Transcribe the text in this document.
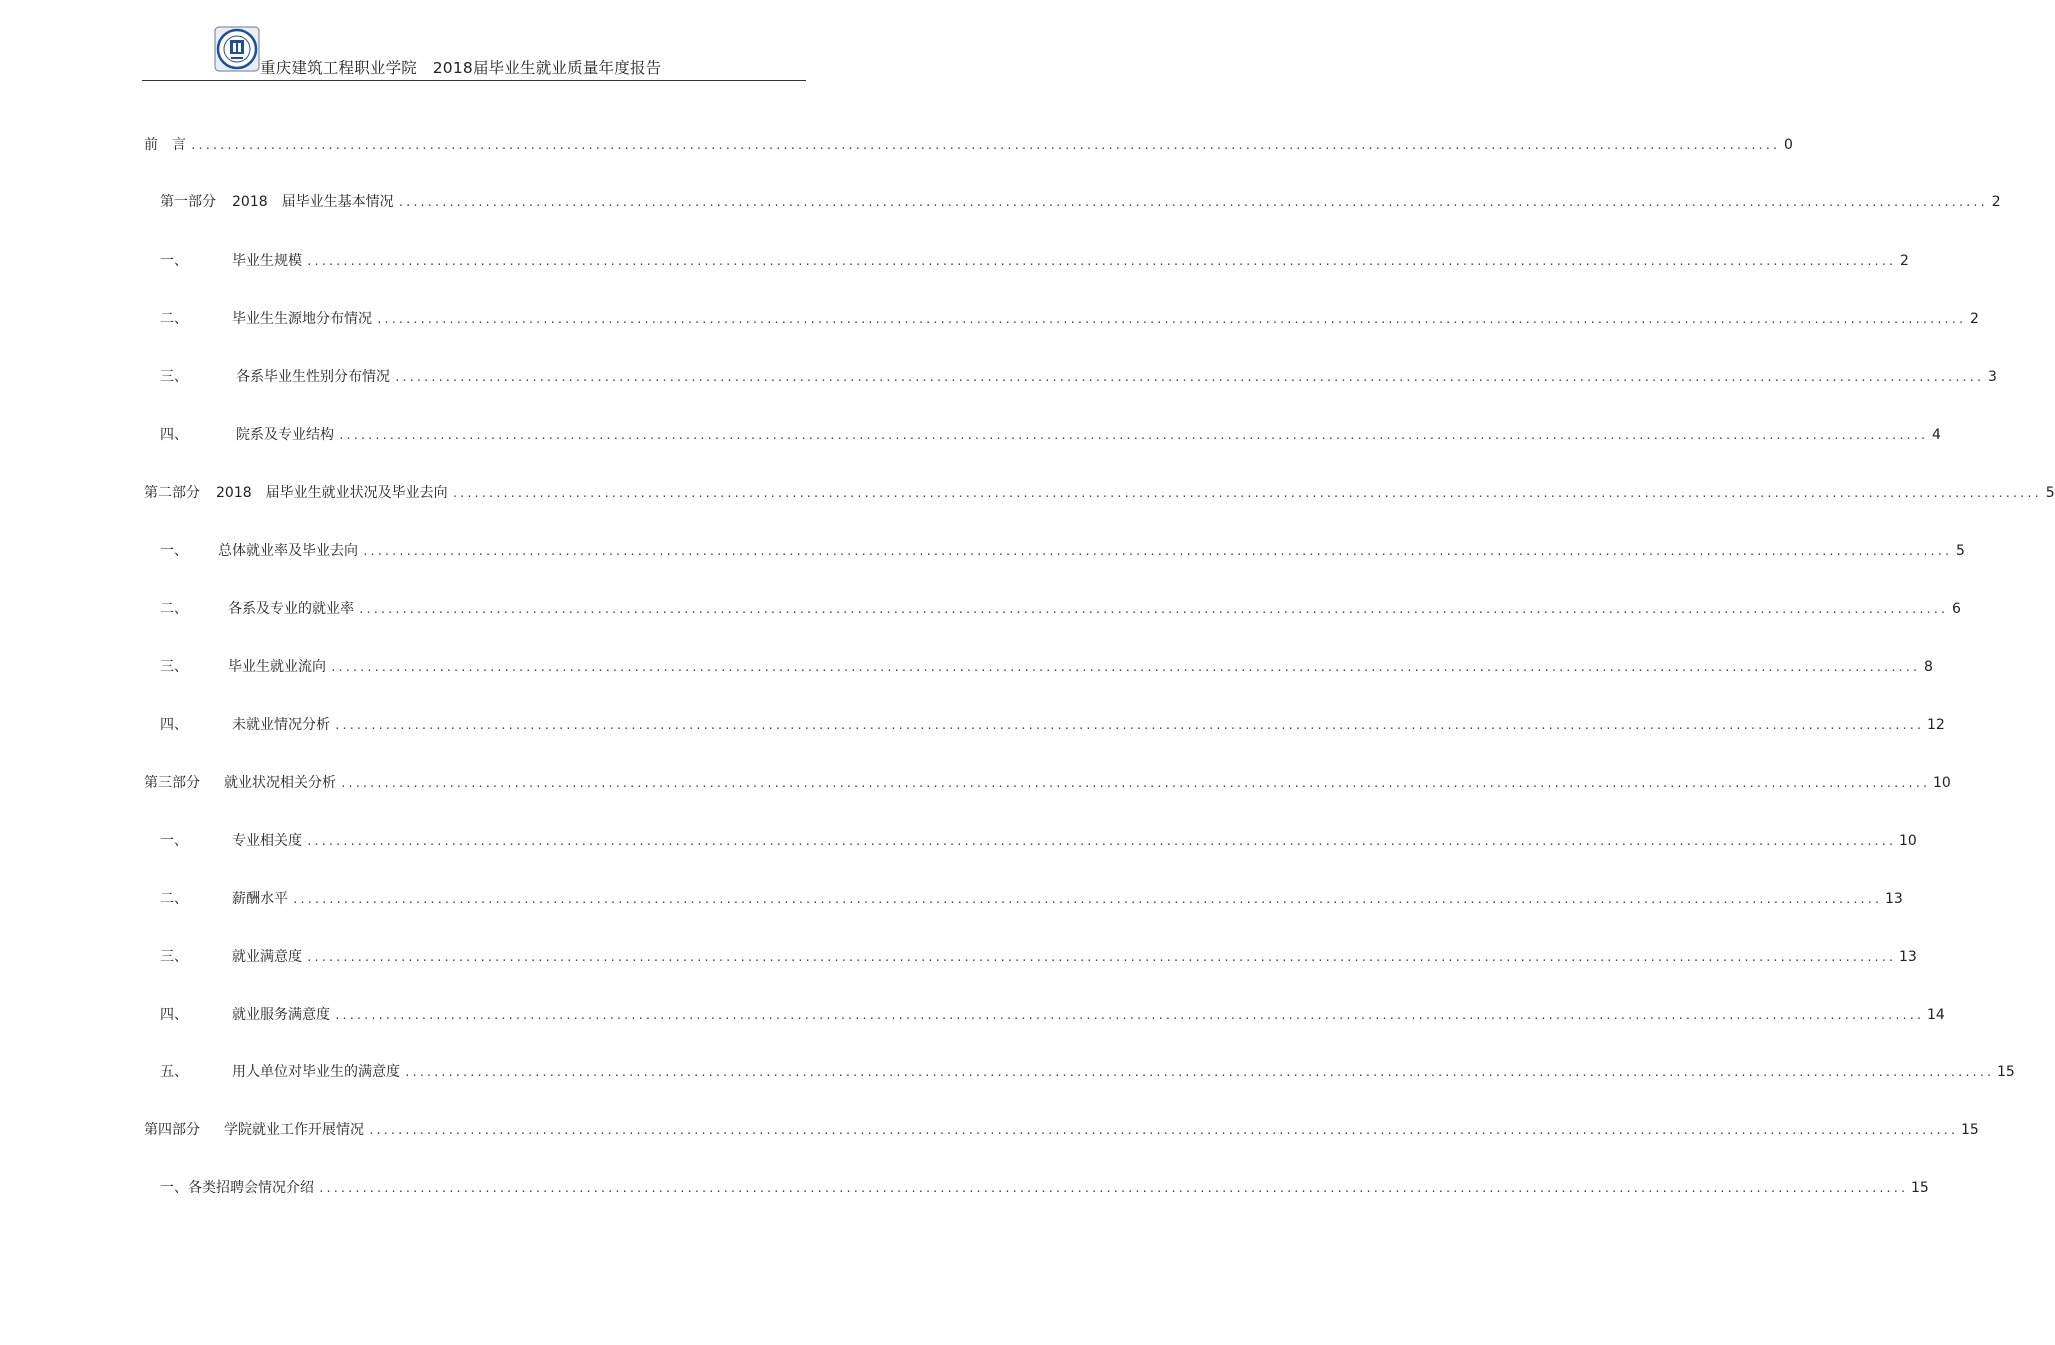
重庆建筑工程职业学院　2018届毕业生就业质量年度报告
前　言 ............................................................................................................................................................................................................................ 0
第一部分 2018　届毕业生基本情况 ............................................................................................................................................................................................................................ 2
一、	毕业生规模 ............................................................................................................................................................................................................................ 2
二、	毕业生生源地分布情况 ............................................................................................................................................................................................................................ 2
三、	各系毕业生性别分布情况 ............................................................................................................................................................................................................................ 3
四、	院系及专业结构 ............................................................................................................................................................................................................................ 4
第二部分 2018　届毕业生就业状况及毕业去向 ............................................................................................................................................................................................................................ 5
一、 总体就业率及毕业去向 ............................................................................................................................................................................................................................ 5
二、	各系及专业的就业率 ............................................................................................................................................................................................................................ 6
三、	毕业生就业流向 ............................................................................................................................................................................................................................ 8
四、	未就业情况分析 ............................................................................................................................................................................................................................ 12
第三部分 就业状况相关分析 ............................................................................................................................................................................................................................ 10
一、	专业相关度 ............................................................................................................................................................................................................................ 10
二、	薪酬水平 ............................................................................................................................................................................................................................ 13
三、	就业满意度 ............................................................................................................................................................................................................................ 13
四、	就业服务满意度 ............................................................................................................................................................................................................................ 14
五、	用人单位对毕业生的满意度 ............................................................................................................................................................................................................................ 15
第四部分 学院就业工作开展情况 ............................................................................................................................................................................................................................ 15
一、各类招聘会情况介绍 ............................................................................................................................................................................................................................ 15
